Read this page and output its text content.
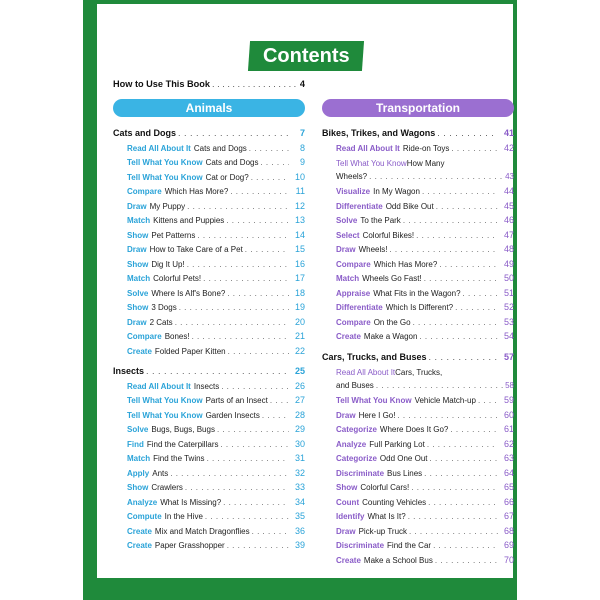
Contents
How to Use This Book . . .	4
Animals
Cats and Dogs . . .	7
Read All About It Cats and Dogs . . .	8
Tell What You Know Cats and Dogs . . .	9
Tell What You Know Cat or Dog? . . .	10
Compare Which Has More? . . .	11
Draw My Puppy . . .	12
Match Kittens and Puppies . . .	13
Show Pet Patterns . . .	14
Draw How to Take Care of a Pet . . .	15
Show Dig It Up! . . .	16
Match Colorful Pets! . . .	17
Solve Where Is Alf's Bone? . . .	18
Show 3 Dogs . . .	19
Draw 2 Cats . . .	20
Compare Bones! . . .	21
Create Folded Paper Kitten . . .	22
Insects . . .	25
Read All About It Insects . . .	26
Tell What You Know Parts of an Insect . . .	27
Tell What You Know Garden Insects . . .	28
Solve Bugs, Bugs, Bugs . . .	29
Find Find the Caterpillars . . .	30
Match Find the Twins . . .	31
Apply Ants . . .	32
Show Crawlers . . .	33
Analyze What Is Missing? . . .	34
Compute In the Hive . . .	35
Create Mix and Match Dragonflies . . .	36
Create Paper Grasshopper . . .	39
Transportation
Bikes, Trikes, and Wagons . . .	41
Read All About It Ride-on Toys . . .	42
Tell What You KnowHow Many
Wheels? . . .	43
Visualize In My Wagon . . .	44
Differentiate Odd Bike Out . . .	45
Solve To the Park . . .	46
Select Colorful Bikes! . . .	47
Draw Wheels! . . .	48
Compare Which Has More? . . .	49
Match Wheels Go Fast! . . .	50
Appraise What Fits in the Wagon? . . .	51
Differentiate Which Is Different? . . .	52
Compare On the Go . . .	53
Create Make a Wagon . . .	54
Cars, Trucks, and Buses . . .	57
Read All About ItCars, Trucks,
and Buses . . .	58
Tell What You Know Vehicle Match-up . . .	59
Draw Here I Go! . . .	60
Categorize Where Does It Go? . . .	61
Analyze Full Parking Lot . . .	62
Categorize Odd One Out . . .	63
Discriminate Bus Lines . . .	64
Show Colorful Cars! . . .	65
Count Counting Vehicles . . .	66
Identify What Is It? . . .	67
Draw Pick-up Truck . . .	68
Discriminate Find the Car . . .	69
Create Make a School Bus . . .	70
